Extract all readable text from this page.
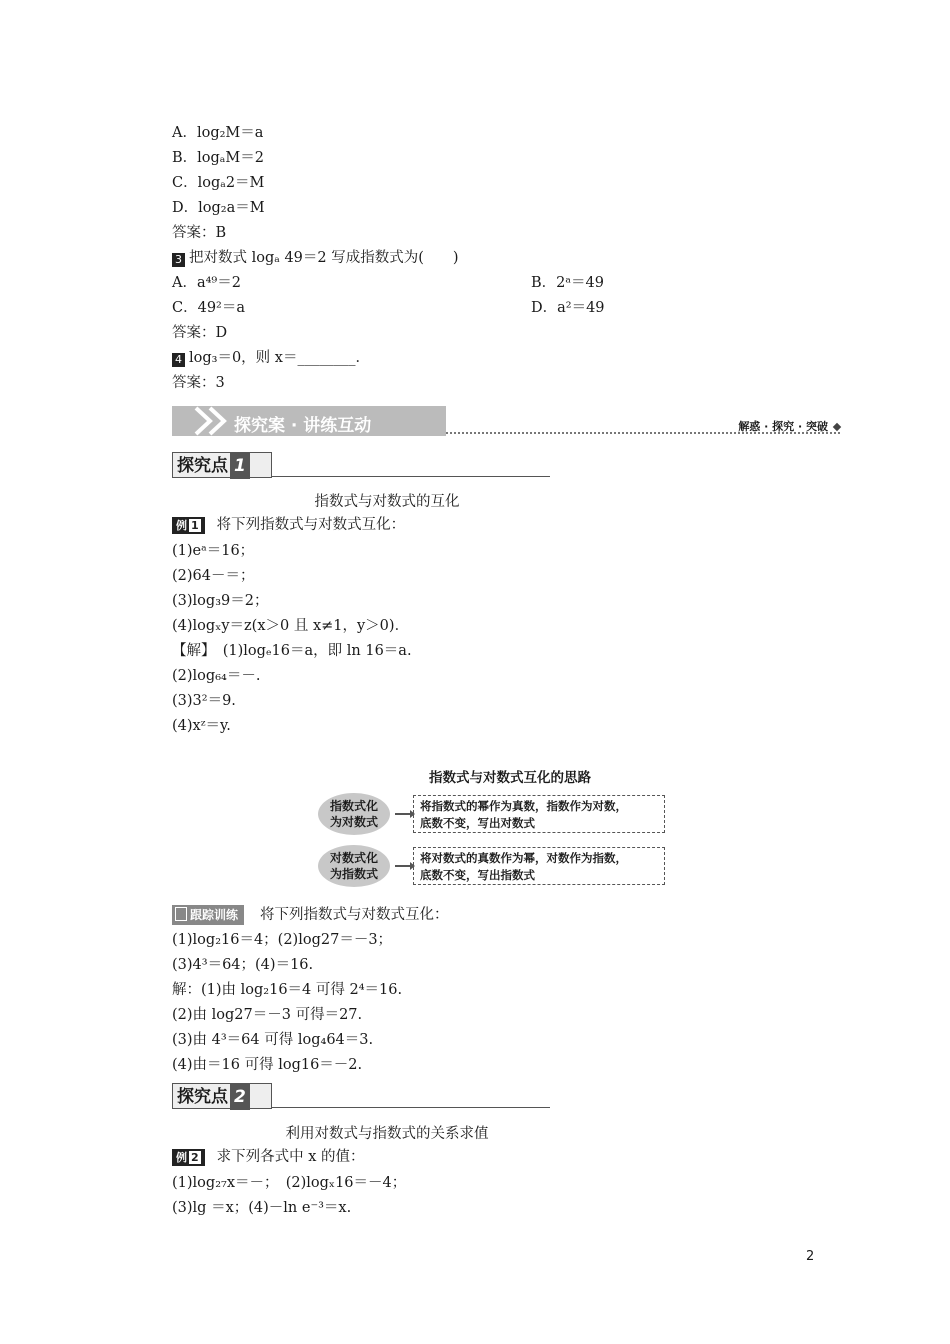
A．log₂M＝a
B．logₐM＝2
C．logₐ2＝M
D．log₂a＝M
答案：B
3 把对数式 logₐ 49＝2 写成指数式为(　　)
A．a⁴⁹＝2	B．2ᵃ＝49
C．49²＝a	D．a²＝49
答案：D
4 log₃＝0，则 x＝________．
答案：3
探究案 · 讲练互动	解惑 · 探究 · 突破
探究点 1
指数式与对数式的互化
例 1 将下列指数式与对数式互化：
(1)eᵃ＝16；
(2)64－＝；
(3)log₃9＝2；
(4)logₓy＝z(x＞0 且 x≠1，y＞0)．
【解】　(1)logₑ16＝a，即 ln 16＝a.
(2)log₆₄＝－.
(3)3²＝9.
(4)xᶻ＝y.
指数式与对数式互化的思路
指数式化
为对数式
将指数式的幂作为真数，指数作为对数，
底数不变，写出对数式
对数式化
为指数式
将对数式的真数作为幂，对数作为指数，
底数不变，写出指数式
跟踪训练 将下列指数式与对数式互化：
(1)log₂16＝4；(2)log27＝－3；
(3)4³＝64；(4)＝16.
解：(1)由 log₂16＝4 可得 2⁴＝16.
(2)由 log27＝－3 可得＝27.
(3)由 4³＝64 可得 log₄64＝3.
(4)由＝16 可得 log16＝－2.
探究点 2
利用对数式与指数式的关系求值
例 2 求下列各式中 x 的值：
(1)log₂₇x＝－；　(2)logₓ16＝－4；
(3)lg ＝x；(4)－ln e⁻³＝x.
2
